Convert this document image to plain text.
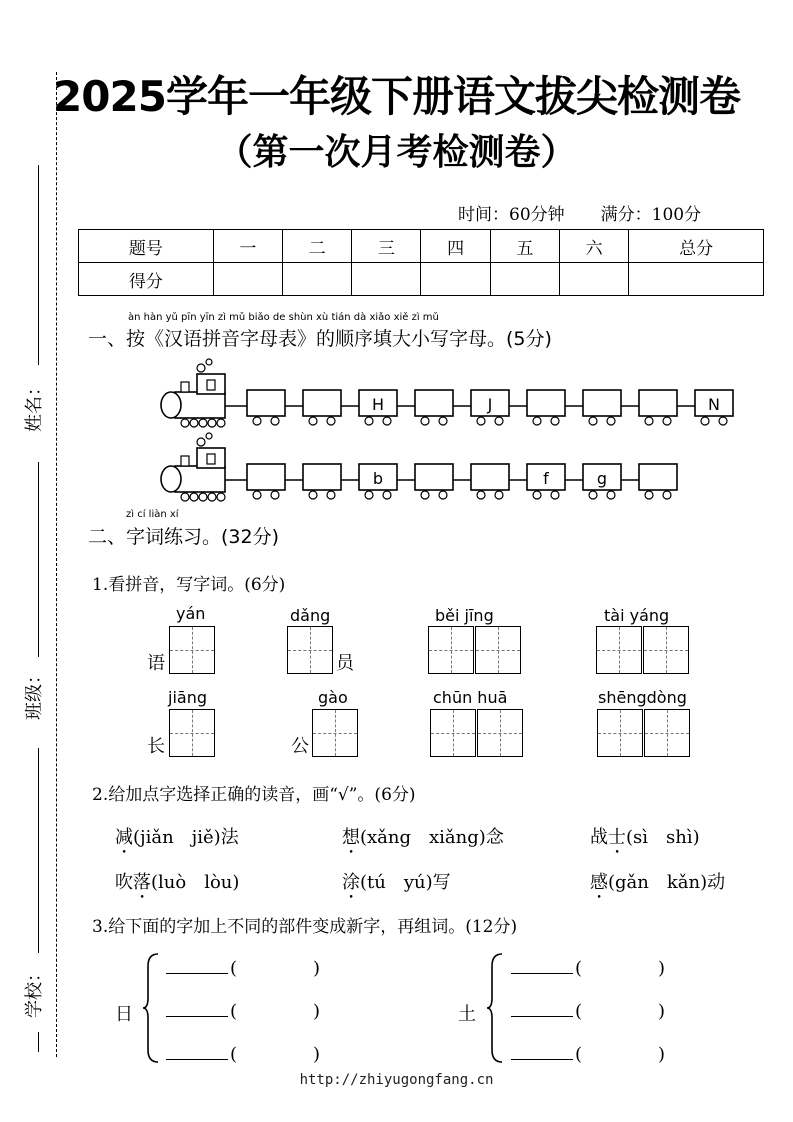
2025学年一年级下册语文拔尖检测卷
（第一次月考检测卷）
时间：60分钟 满分：100分
题号	一	二	三	四	五	六	总分
得分							
姓名：
班级：
学校：
àn hàn yǔ pīn yīn zì mǔ biǎo de shùn xù tián dà xiǎo xiě zì mǔ
一、按《汉语拼音字母表》的顺序填大小写字母。(5分)
H	J	N
b	f	g
zì cí liàn xí
二、字词练习。(32分)
1.看拼音，写字词。(6分)
yán
语
dǎng
员
běi jīng	tài yáng
jiāng
长
gào
公
chūn huā	shēngdòng
2.给加点字选择正确的读音，画“√”。(6分)
减(jiǎn　jiě)法	想(xǎng　xiǎng)念	战士(sì　shì)
吹落(luò　lòu)	涂(tú　yú)写	感(gǎn　kǎn)动
3.给下面的字加上不同的部件变成新字，再组词。(12分)
日
(	)
(	)
(	)
土
(	)
(	)
(	)
http://zhiyugongfang.cn
